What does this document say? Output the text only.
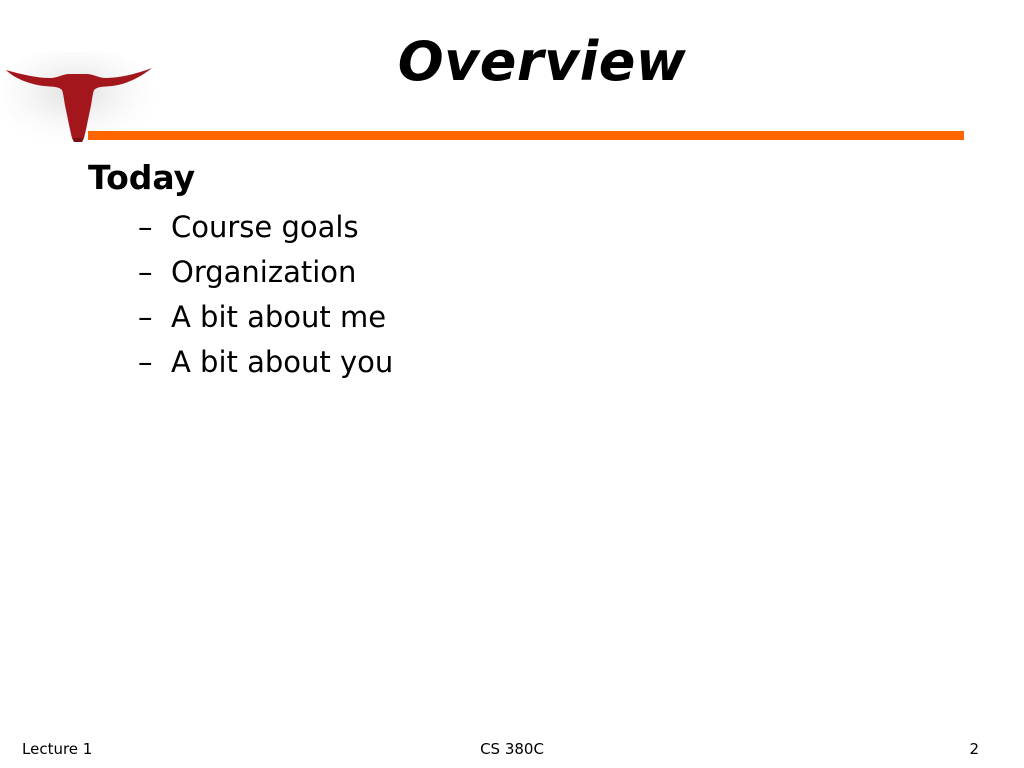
Overview
Today
– Course goals
– Organization
– A bit about me
– A bit about you
Lecture 1	CS 380C	2
